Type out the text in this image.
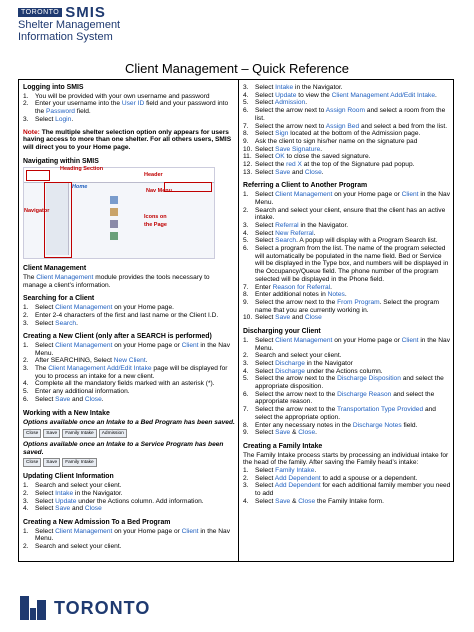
TORONTO SMIS
Shelter Management
Information System
Client Management – Quick Reference
Logging into SMIS
1. You will be provided with your own username and password
2. Enter your username into the User ID field and your password into the Password field.
3. Select Login.

Note: The multiple shelter selection option only appears for users having access to more than one shelter. For all others users, SMIS will direct you to your Home page.

Navigating within SMIS
Heading Section
Header
Nav Menu
Navigator
Home
Icons on the Page
Client Management

The Client Management module provides the tools necessary to manage a client’s information.

Searching for a Client
1. Select Client Management on your Home page.
2. Enter 2-4 characters of the first and last name or the Client I.D.
3. Select Search.
Creating a New Client (only after a SEARCH is performed)
1. Select Client Management on your Home page or Client in the Nav Menu.
2. After SEARCHING, Select New Client.
3. The Client Management Add/Edit Intake page will be displayed for you to process an intake for a new client.
4. Complete all the mandatory fields marked with an asterisk (*).
5. Enter any additional information.
6. Select Save and Close.
Working with a New Intake

Options available once an Intake to a Bed Program has been saved.

Close	Save	Family Intake	Admission

Options available once an Intake to a Service Program has been saved.

Close	Save	Family Intake
Updating Client Information
1. Search and select your client.
2. Select Intake in the Navigator.
3. Select Update under the Actions column. Add information.
4. Select Save and Close
Creating a New Admission To a Bed Program
1. Select Client Management on your Home page or Client in the Nav Menu.
2. Search and select your client.
3. Select Intake in the Navigator.
4. Select Update to view the Client Management Add/Edit Intake.
5. Select Admission.
6. Select the arrow next to Assign Room and select a room from the list.
7. Select the arrow next to Assign Bed and select a bed from the list.
8. Select Sign located at the bottom of the Admission page.
9. Ask the client to sign his/her name on the signature pad
10. Select Save Signature.
11. Select OK to close the saved signature.
12. Select the red X at the top of the Signature pad popup.
13. Select Save and Close.
Referring a Client to Another Program
1. Select Client Management on your Home page or Client in the Nav Menu.
2. Search and select your client, ensure that the client has an active intake.
3. Select Referral in the Navigator.
4. Select New Referral.
5. Select Search. A popup will display with a Program Search list.
6. Select a program from the list. The name of the program selected will automatically be populated in the name field. Bed or Service will be displayed in the Type box, and numbers will be displayed in the Occupancy/Queue field. The phone number of the program selected will be displayed in the Phone field.
7. Enter Reason for Referral.
8. Enter additional notes in Notes.
9. Select the arrow next to the From Program. Select the program name that you are currently working in.
10. Select Save and Close
Discharging your Client
1. Select Client Management on your Home page or Client in the Nav Menu.
2. Search and select your client.
3. Select Discharge in the Navigator
4. Select Discharge under the Actions column.
5. Select the arrow next to the Discharge Disposition and select the appropriate disposition.
6. Select the arrow next to the Discharge Reason and select the appropriate reason.
7. Select the arrow next to the Transportation Type Provided and select the appropriate option.
8. Enter any necessary notes in the Discharge Notes field.
9. Select Save & Close.
Creating a Family Intake

The Family Intake process starts by processing an individual intake for the head of the family. After saving the Family head’s intake:

1. Select Family Intake.
2. Select Add Dependent to add a spouse or a dependent.
3. Select Add Dependent for each additional family member you need to add
4. Select Save & Close the Family Intake form.
TORONTO
